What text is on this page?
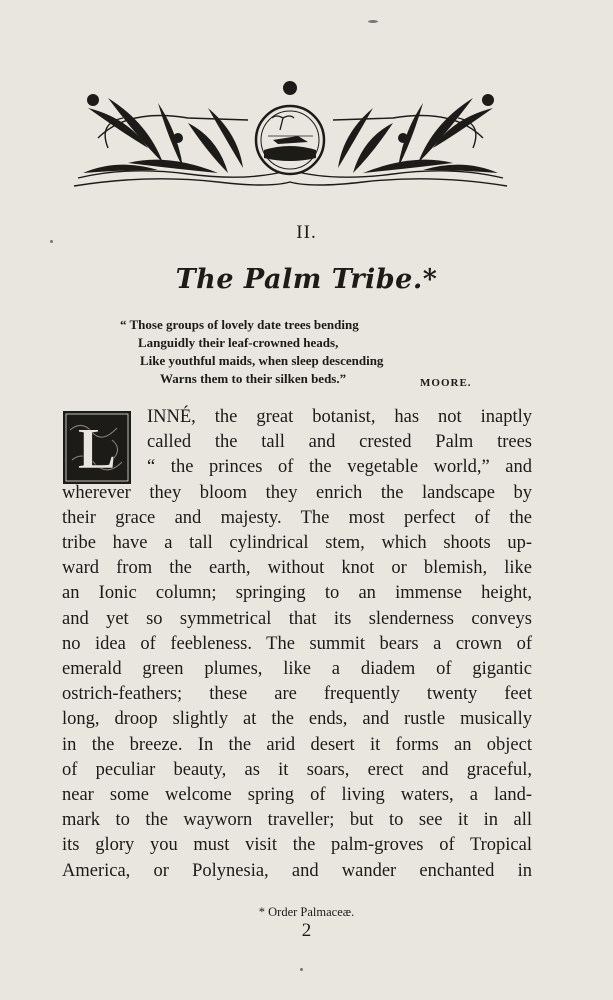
II.
The Palm Tribe.*
“ Those groups of lovely date trees bending
Languidly their leaf-crowned heads,
Like youthful maids, when sleep descending
Warns them to their silken beds.”	MOORE.
L	INNÉ, the great botanist, has not inaptly
called the tall and crested Palm trees
“ the princes of the vegetable world,” and
wherever they bloom they enrich the landscape by
their grace and majesty. The most perfect of the
tribe have a tall cylindrical stem, which shoots up-
ward from the earth, without knot or blemish, like
an Ionic column; springing to an immense height,
and yet so symmetrical that its slenderness conveys
no idea of feebleness. The summit bears a crown of
emerald green plumes, like a diadem of gigantic
ostrich-feathers; these are frequently twenty feet
long, droop slightly at the ends, and rustle musically
in the breeze. In the arid desert it forms an object
of peculiar beauty, as it soars, erect and graceful,
near some welcome spring of living waters, a land-
mark to the wayworn traveller; but to see it in all
its glory you must visit the palm-groves of Tropical
America, or Polynesia, and wander enchanted in
* Order Palmaceæ.
2
